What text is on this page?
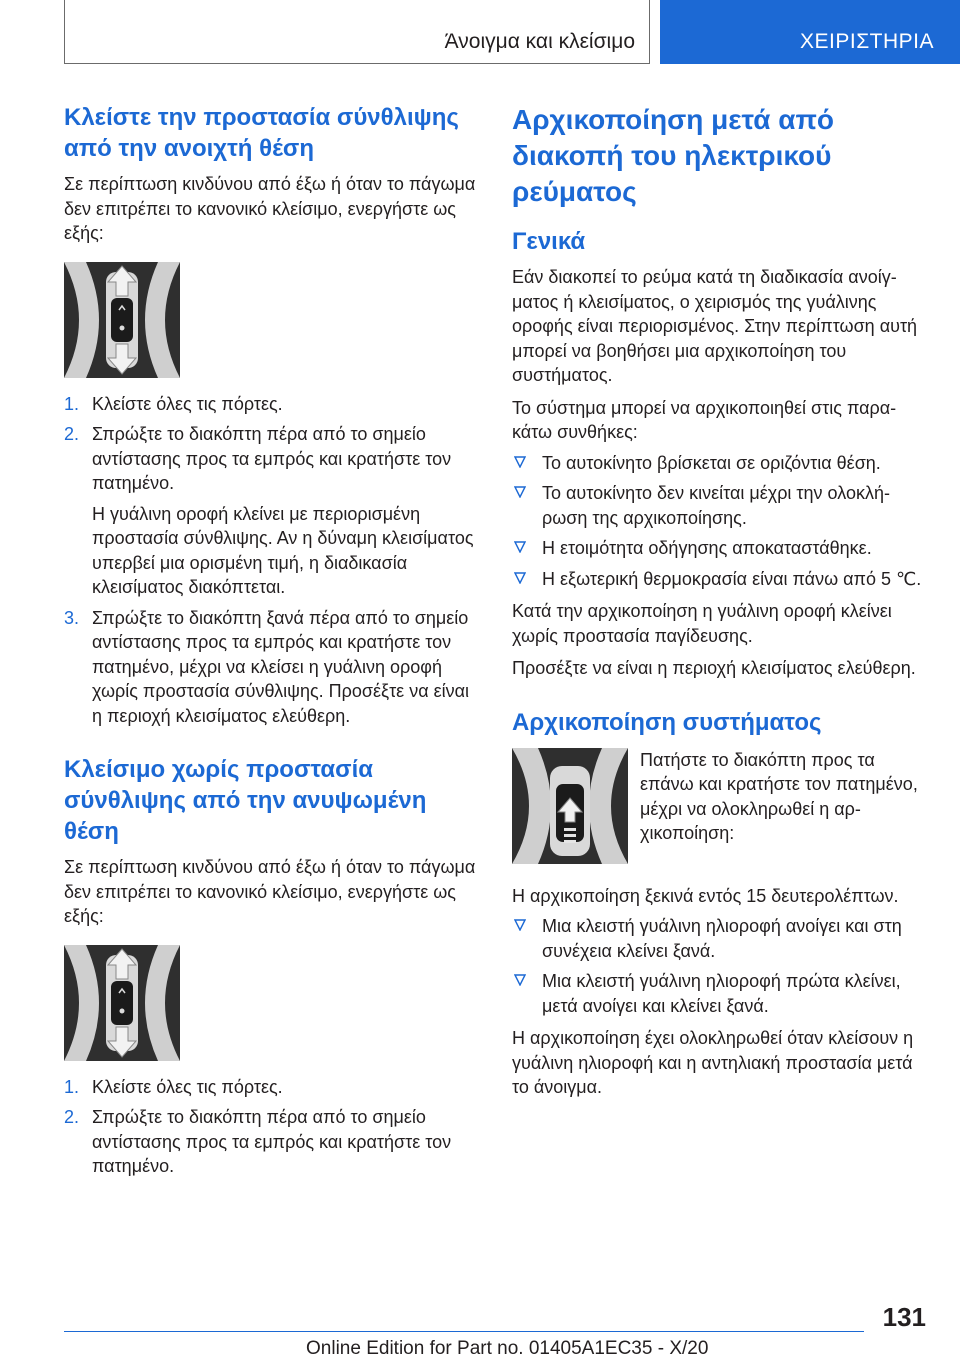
Άνοιγμα και κλείσιμο	ΧΕΙΡΙΣΤΗΡΙΑ
Κλείστε την προστασία σύνθλιψης από την ανοιχτή θέση
Σε περίπτωση κινδύνου από έξω ή όταν το πάγωμα δεν επιτρέπει το κανονικό κλείσιμο, ενεργήστε ως εξής:
1. Κλείστε όλες τις πόρτες.
2. Σπρώξτε το διακόπτη πέρα από το σημείο αντίστασης προς τα εμπρός και κρατήστε τον πατημένο.
Η γυάλινη οροφή κλείνει με περιορισμένη προστασία σύνθλιψης. Αν η δύναμη κλεισίματος υπερβεί μια ορισμένη τιμή, η διαδικασία κλεισίματος διακόπτεται.
3. Σπρώξτε το διακόπτη ξανά πέρα από το σημείο αντίστασης προς τα εμπρός και κρατήστε τον πατημένο, μέχρι να κλείσει η γυάλινη οροφή χωρίς προστασία σύνθλιψης. Προσέξτε να είναι η περιοχή κλεισίματος ελεύθερη.
Κλείσιμο χωρίς προστασία σύνθλιψης από την ανυψωμένη θέση
Σε περίπτωση κινδύνου από έξω ή όταν το πάγωμα δεν επιτρέπει το κανονικό κλείσιμο, ενεργήστε ως εξής:
1. Κλείστε όλες τις πόρτες.
2. Σπρώξτε το διακόπτη πέρα από το σημείο αντίστασης προς τα εμπρός και κρατήστε τον πατημένο.
Αρχικοποίηση μετά από διακοπή του ηλεκτρικού ρεύματος
Γενικά
Εάν διακοπεί το ρεύμα κατά τη διαδικασία ανοίγματος ή κλεισίματος, ο χειρισμός της γυάλινης οροφής είναι περιορισμένος. Στην περίπτωση αυτή μπορεί να βοηθήσει μια αρχικοποίηση του συστήματος.
Το σύστημα μπορεί να αρχικοποιηθεί στις παρακάτω συνθήκες:
Το αυτοκίνητο βρίσκεται σε οριζόντια θέση.
Το αυτοκίνητο δεν κινείται μέχρι την ολοκλήρωση της αρχικοποίησης.
Η ετοιμότητα οδήγησης αποκαταστάθηκε.
Η εξωτερική θερμοκρασία είναι πάνω από 5 ℃.
Κατά την αρχικοποίηση η γυάλινη οροφή κλείνει χωρίς προστασία παγίδευσης.
Προσέξτε να είναι η περιοχή κλεισίματος ελεύθερη.
Αρχικοποίηση συστήματος
Πατήστε το διακόπτη προς τα επάνω και κρατήστε τον πατημένο, μέχρι να ολοκληρωθεί η αρχικοποίηση:
Η αρχικοποίηση ξεκινά εντός 15 δευτερολέπτων.
Μια κλειστή γυάλινη ηλιοροφή ανοίγει και στη συνέχεια κλείνει ξανά.
Μια κλειστή γυάλινη ηλιοροφή πρώτα κλείνει, μετά ανοίγει και κλείνει ξανά.
Η αρχικοποίηση έχει ολοκληρωθεί όταν κλείσουν η γυάλινη ηλιοροφή και η αντηλιακή προστασία μετά το άνοιγμα.
131
Online Edition for Part no. 01405A1EC35 - X/20
